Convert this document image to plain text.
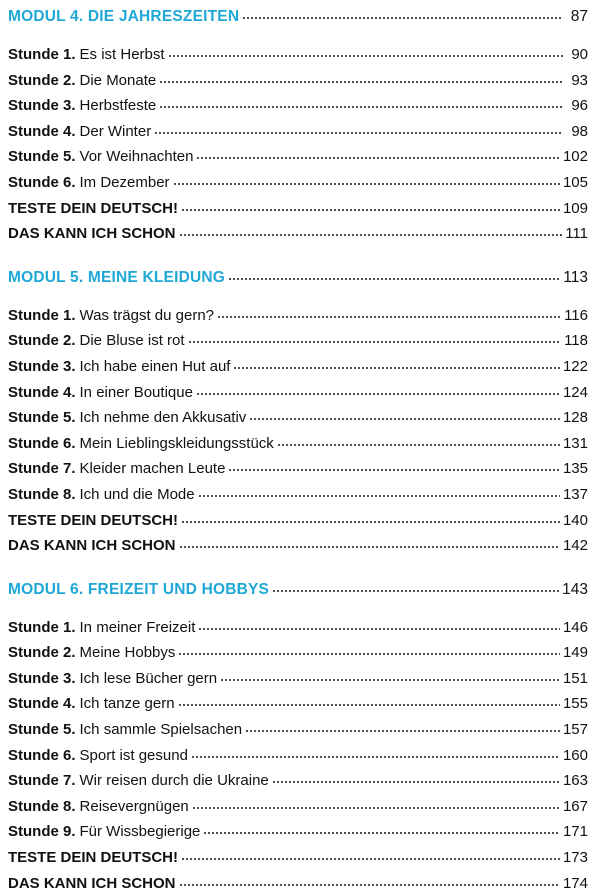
MODUL 4. DIE JAHRESZEITEN	87
Stunde 1. Es ist Herbst	90
Stunde 2. Die Monate	93
Stunde 3. Herbstfeste	96
Stunde 4. Der Winter	98
Stunde 5. Vor Weihnachten	102
Stunde 6. Im Dezember	105
TESTE DEIN DEUTSCH!	109
DAS KANN ICH SCHON	111
MODUL 5. MEINE KLEIDUNG	113
Stunde 1. Was trägst du gern?	116
Stunde 2. Die Bluse ist rot	118
Stunde 3. Ich habe einen Hut auf	122
Stunde 4. In einer Boutique	124
Stunde 5. Ich nehme den Akkusativ	128
Stunde 6. Mein Lieblingskleidungsstück	131
Stunde 7. Kleider machen Leute	135
Stunde 8. Ich und die Mode	137
TESTE DEIN DEUTSCH!	140
DAS KANN ICH SCHON	142
MODUL 6. FREIZEIT UND HOBBYS	143
Stunde 1. In meiner Freizeit	146
Stunde 2. Meine Hobbys	149
Stunde 3. Ich lese Bücher gern	151
Stunde 4. Ich tanze gern	155
Stunde 5. Ich sammle Spielsachen	157
Stunde 6. Sport ist gesund	160
Stunde 7. Wir reisen durch die Ukraine	163
Stunde 8. Reisevergnügen	167
Stunde 9. Für Wissbegierige	171
TESTE DEIN DEUTSCH!	173
DAS KANN ICH SCHON	174
